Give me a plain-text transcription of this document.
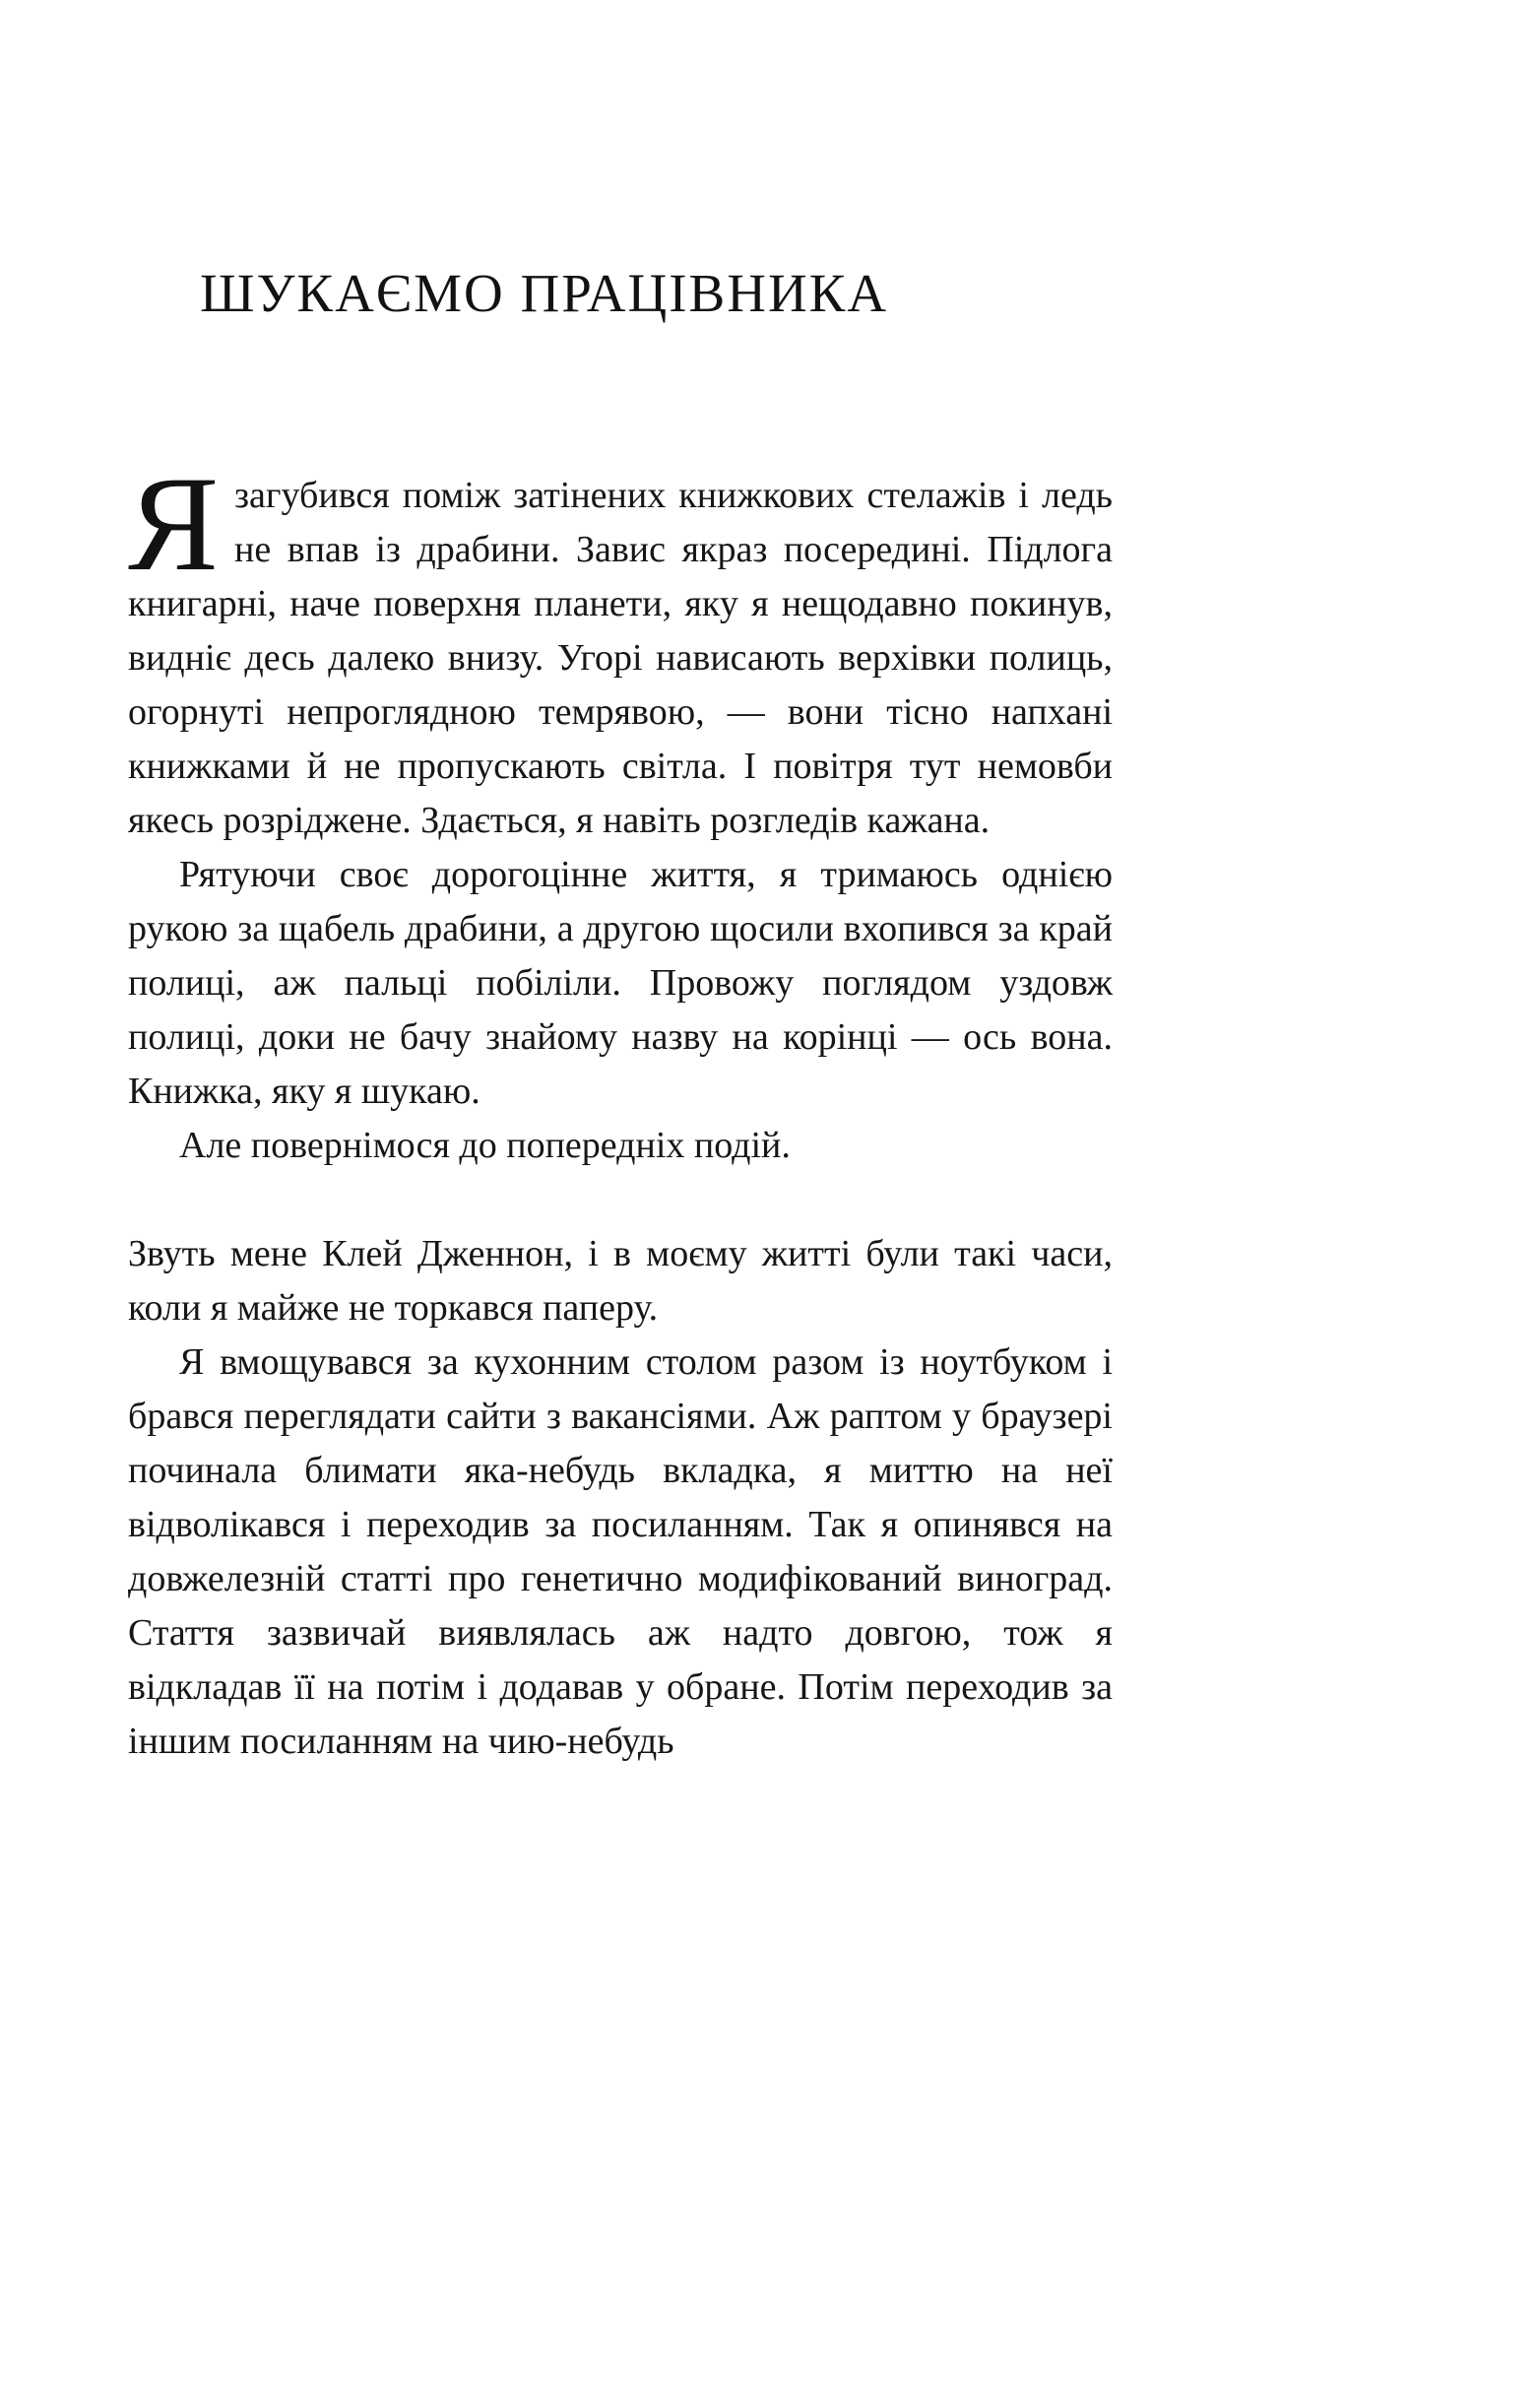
ШУКАЄМО ПРАЦІВНИКА

Язагубився поміж затінених книжкових стелажів і ледь не впав із драбини. Завис якраз посередині. Підлога книгарні, наче поверхня планети, яку я нещодавно покинув, видніє десь далеко внизу. Угорі нависають верхівки полиць, огорнуті непроглядною темрявою, — вони тісно напхані книжками й не пропускають світла. І повітря тут немовби якесь розріджене. Здається, я навіть розгледів кажана.

Рятуючи своє дорогоцінне життя, я тримаюсь однією рукою за щабель драбини, а другою щосили вхопився за край полиці, аж пальці побіліли. Провожу поглядом уздовж полиці, доки не бачу знайому назву на корінці — ось вона. Книжка, яку я шукаю.

Але повернімося до попередніх подій.

Звуть мене Клей Дженнон, і в моєму житті були такі часи, коли я майже не торкався паперу.

Я вмощувався за кухонним столом разом із ноутбуком і брався переглядати сайти з вакансіями. Аж раптом у браузері починала блимати яка-небудь вкладка, я миттю на неї відволікався і переходив за посиланням. Так я опинявся на довжелезній статті про генетично модифікований виноград. Стаття зазвичай виявлялась аж надто довгою, тож я відкладав її на потім і додавав у обране. Потім переходив за іншим посиланням на чию-небудь
